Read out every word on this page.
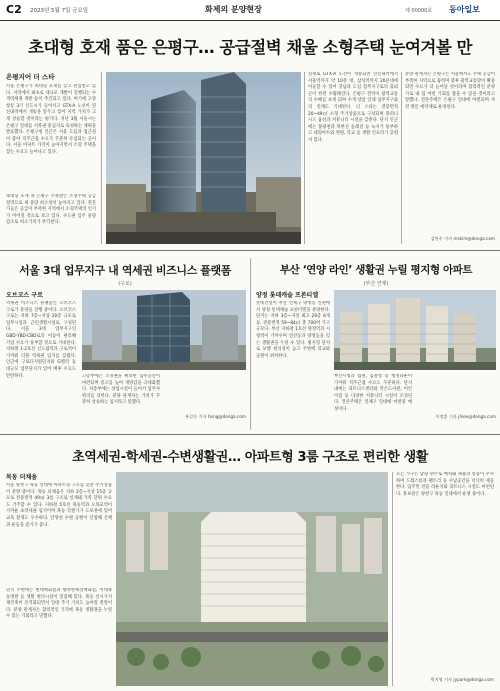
C2 2023년 5월 7일 금요일	화제의 분양현장	제 00000호 동아일보
초대형 호재 품은 은평구… 공급절벽 채울 소형주택 눈여겨볼 만
은평지어 더 스타
서울 은평구가 초대형 호재를 갖고 관심받고 있다. 지역에서 최초로 대규모 개발이 진행되는 수색역세권 개발 등이 추진되고 있다. 여기에 고양 창릉 3기 신도시가 들어서고 GTX-A 노선이 연신내역에서 개통을 앞두고 있어 지역 가치가 크게 상승할 것이라는 평가다. 지난 3월 서울시는 은평구 일대를 서북권 중심지로 육성하는 계획을 발표했다. 은평구청 인근은 서울 도심과 접근성이 좋아 직주근접 수요가 꾸준히 유입되는 곳이다. 서울 아파트 가격이 높아지면서 소형 주택을 찾는 수요도 늘어나고 있다.
초대형 호재 속 은평구 주목받는 소형주택 공급 절벽으로 새 물량 희소성이 높아지고 있다. 전문가들은 공급이 부족한 지역에서 소형주택의 인기가 이어질 것으로 보고 있다. 수도권 입주 물량 감소로 희소가치가 부각된다.
실제로 GTX-A 노선이 개통되면 연신내역에서 서울역까지 약 10분 대, 삼성역까지 20분대에 이동할 수 있어 강남과 도심 업무지구로의 출퇴근이 한결 수월해진다. 은평구 전역이 광역교통의 수혜를 보게 되며 수색·상암 일대 업무지구와의 연계도 기대된다. 더 스타는 전용면적 20~49㎡ 소형 주거상품으로 구성되며 풀퍼니시드 옵션과 커뮤니티 시설을 갖춘다. 단지 인근에는 불광천과 북한산 둘레길 등 녹지가 풍부하고 대형마트와 병원, 학교 등 생활 인프라가 갖춰져 있다.
분양 관계자는 은평구는 서울에서도 주택 공급이 부족한 지역으로 꼽히며 향후 광역교통망이 확충되면 수요가 더 늘어날 것이라며 합리적인 분양가로 내 집 마련 기회를 잡을 수 있을 것이라고 말했다. 견본주택은 은평구 일대에 마련되며 사전 방문 예약제로 운영된다.
김민수 기자 mskim@donga.com
서울 3대 업무지구 내 역세권 비즈니스 플랫폼
(구로)
오브코스 구로
역세권 비즈니스 플랫폼인 오브코스 구로가 분양을 진행 중이다. 오브코스 구로는 지하 7층~지상 20층 규모로 업무시설과 근린생활시설로 구성된다. 서울 3대 업무지구인 GBD·YBD·CBD로의 이동이 편리해 기업 수요가 풍부할 것으로 기대된다. 지하철 1·2호선 신도림역과 구로역이 가까워 더블 역세권 입지를 갖췄다. 인근에 구로디지털단지와 G밸리 등 대규모 업무단지가 있어 배후 수요도 탄탄하다.	고층부에는 조망권을 확보한 업무공간이 마련되며 층고를 높여 개방감을 극대화했다. 저층부에는 상업시설이 들어서 입주사 편의를 더한다. 분양 관계자는 가치가 꾸준히 상승하는 입지라고 말했다.
홍길동 기자 hong@donga.com
부산 ‘연양 라인’ 생활권 누릴 평지형 아파트
(부산 연제)
양정 롯데캐슬 프론티엘
롯데건설이 부산 연제구 양정동 일원에서 양정 롯데캐슬 프론티엘을 분양한다. 단지는 지하 3층~지상 최고 29층 8개 동, 전용면적 59~84㎡ 총 700여 가구 규모다. 부산 지하철 1호선 양정역과 시청역이 가까우며 연산동과 양정동을 잇는 생활권을 누릴 수 있다. 평지형 단지로 보행 편의성이 높고 주변에 학교와 공원이 위치한다.
부산시청과 법원, 검찰청 등 행정타운이 가까워 직주근접 수요도 꾸준하다. 단지 내에는 피트니스센터와 작은도서관, 어린이집 등 다양한 커뮤니티 시설이 조성된다. 견본주택은 연제구 일대에 마련될 예정이다.
이정훈 기자 jhlee@donga.com
초역세권-학세권-수변생활권… 아파트형 3룸 구조로 편리한 생활
목동 더채움
서울 양천구 목동 일대에 아파트형 구조를 갖춘 주거상품이 분양 중이다. 목동 더채움은 지하 2층~지상 15층 규모로 전용면적 49㎡ 3룸 구조로 설계돼 가족 단위 수요도 거주할 수 있다. 지하철 5호선 목동역과 오목교역이 가까운 초역세권 입지이며 목동 학원가가 도보권에 있어 교육 환경도 우수하다. 안양천 수변 공원이 인접해 산책과 운동을 즐기기 좋다.
단지 주변에는 현대백화점과 행복한세상백화점, 이대목동병원 등 생활 편의시설이 밀집해 있다. 목동 신시가지 재건축이 본격화되면서 일대 주거 가치도 높아질 전망이다. 분양 관계자는 합리적인 가격에 목동 생활권을 누릴 수 있는 기회라고 말했다.
모든 가구는 남향 위주로 배치돼 채광과 통풍이 우수하며 드레스룸과 팬트리 등 수납공간을 넉넉히 제공한다. 입주민 전용 라운지와 피트니스 시설도 마련된다. 홍보관은 양천구 목동 일대에서 운영 중이다.
박지영 기자 jypark@donga.com
